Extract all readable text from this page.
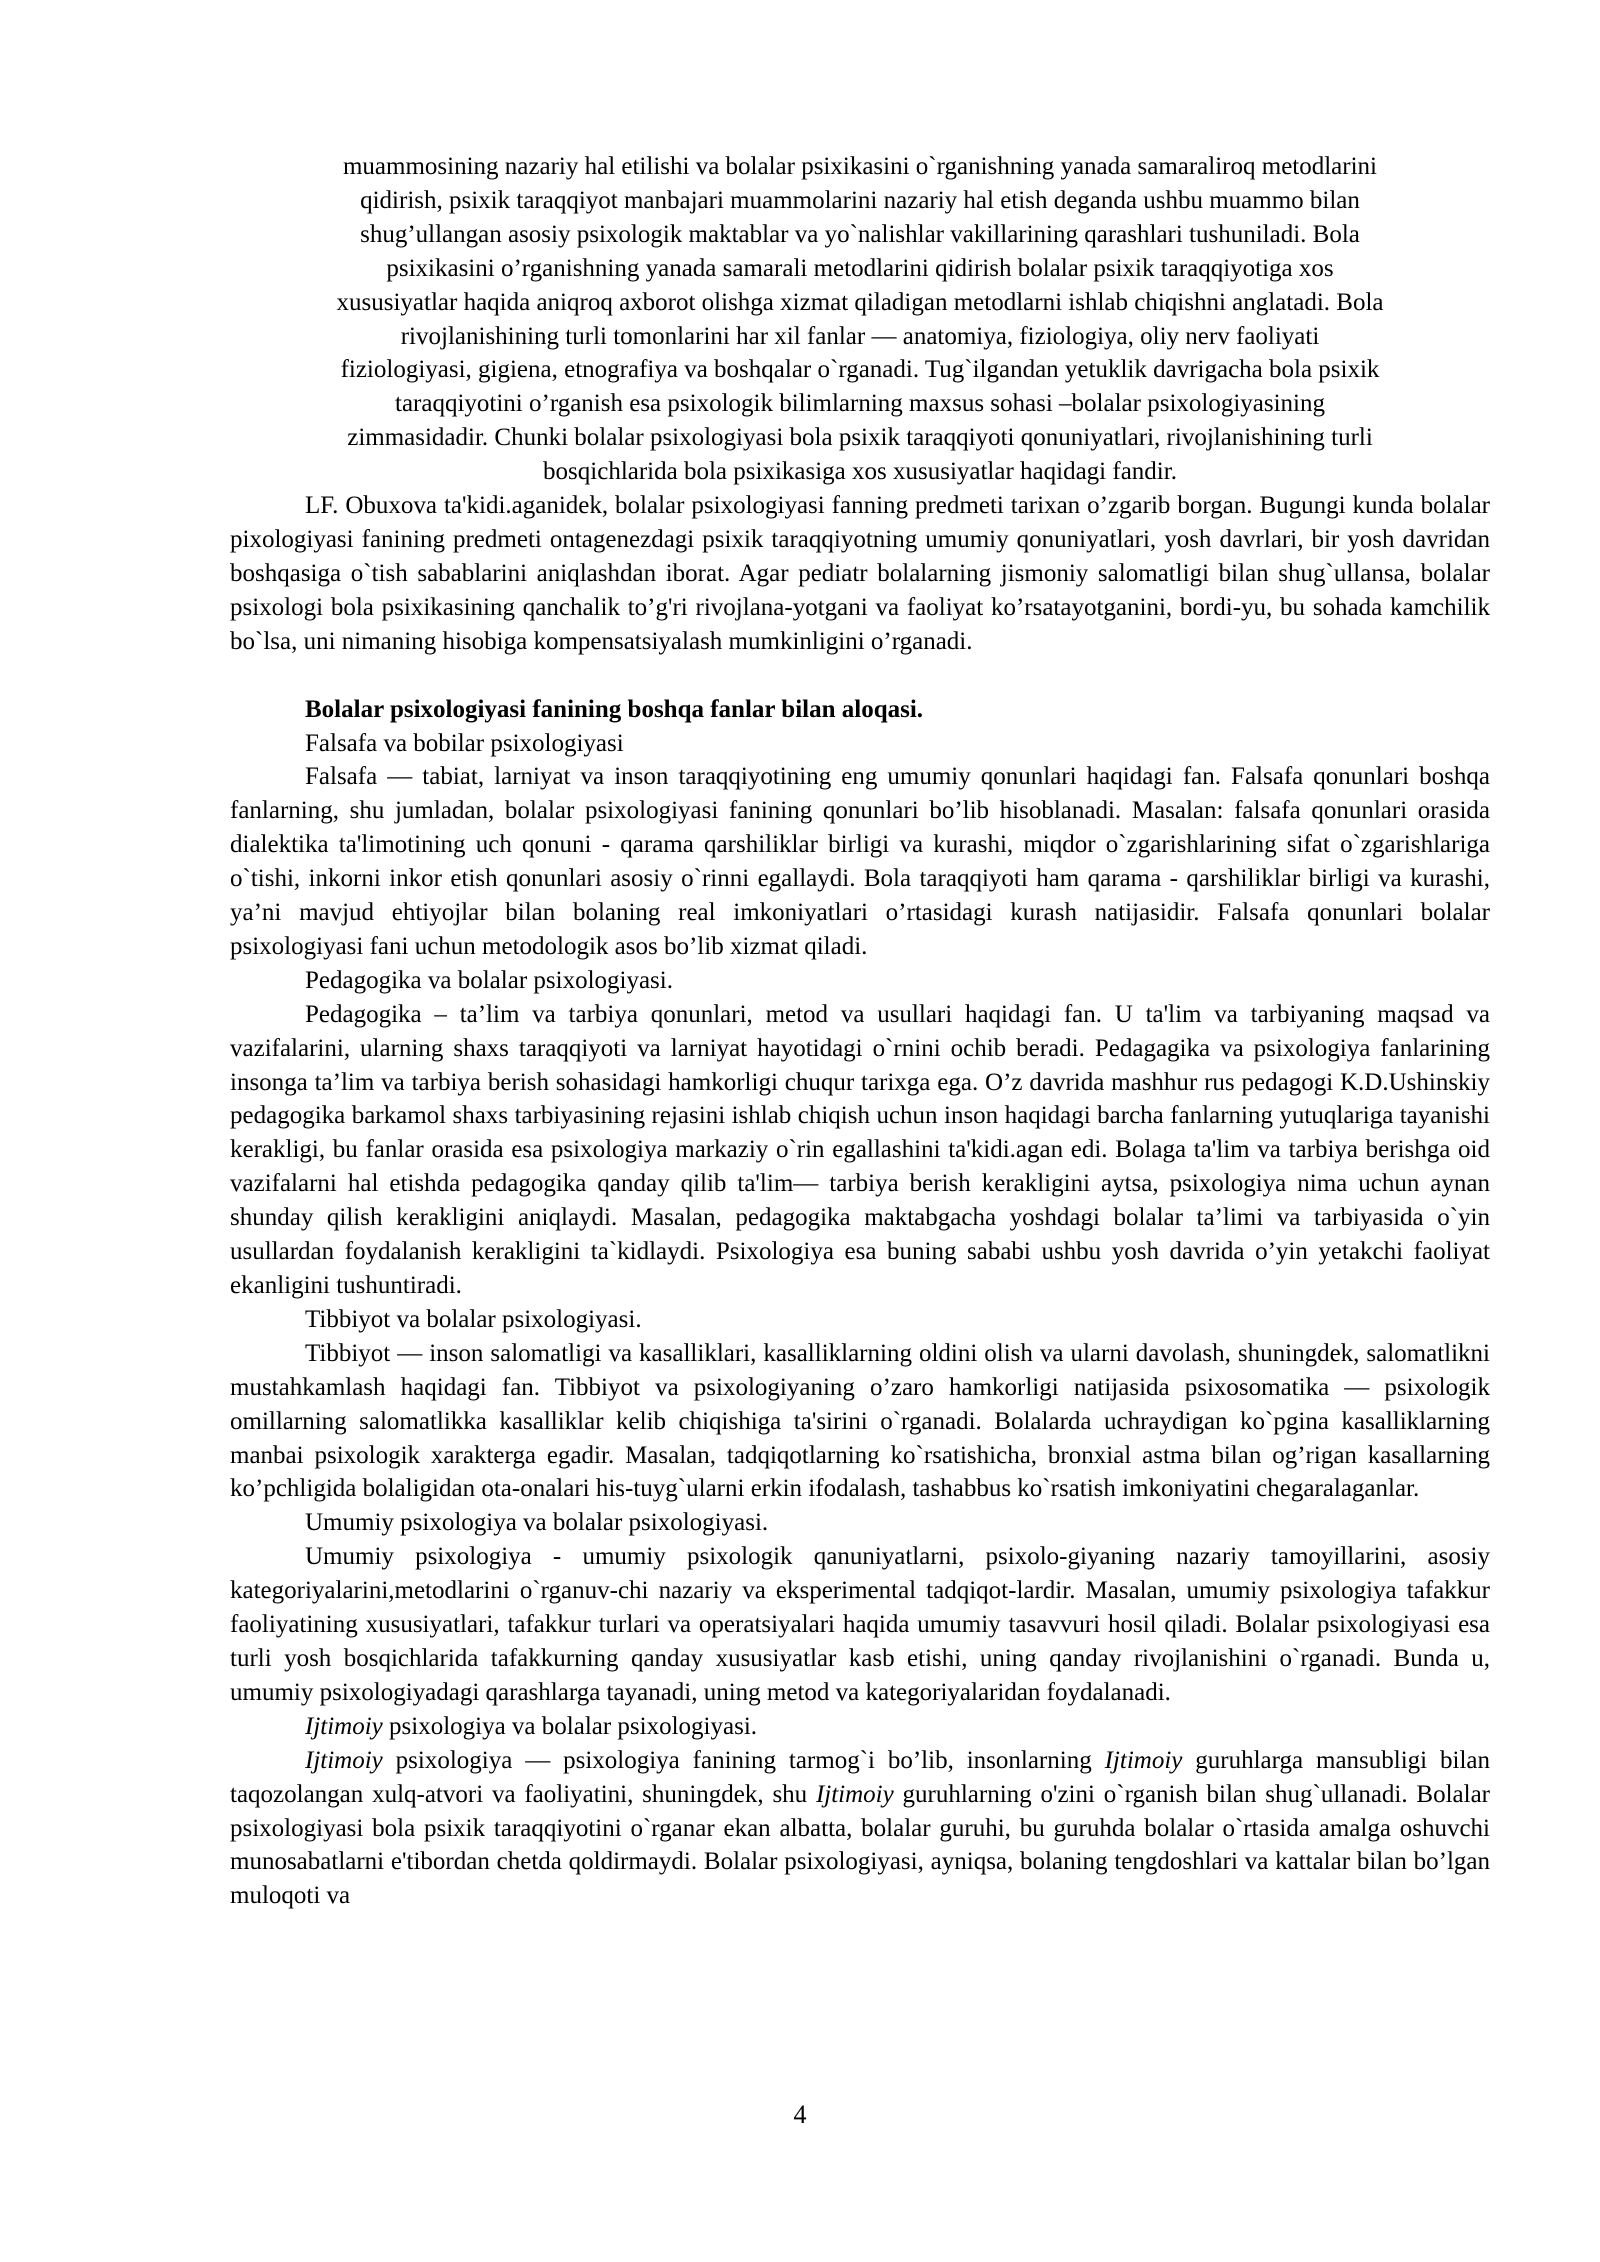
muammosining nazariy hal etilishi va bolalar psixikasini o`rganishning yanada samaraliroq metodlarini

qidirish, psixik taraqqiyot manbajari muammolarini nazariy hal etish deganda ushbu muammo bilan

shug’ullangan asosiy psixologik maktablar va yo`nalishlar vakillarining qarashlari tushuniladi. Bola

psixikasini o’rganishning yanada samarali metodlarini qidirish bolalar psixik taraqqiyotiga xos

xususiyatlar haqida aniqroq axborot olishga xizmat qiladigan metodlarni ishlab chiqishni anglatadi. Bola

rivojlanishining turli tomonlarini har xil fanlar — anatomiya, fiziologiya, oliy nerv faoliyati

fiziologiyasi, gigiena, etnografiya va boshqalar o`rganadi. Tug`ilgandan yetuklik davrigacha bola psixik

taraqqiyotini o’rganish esa psixologik bilimlarning maxsus sohasi –bolalar psixologiyasining

zimmasidadir. Chunki bolalar psixologiyasi bola psixik taraqqiyoti qonuniyatlari, rivojlanishining turli

bosqichlarida bola psixikasiga xos xususiyatlar haqidagi fandir.

LF. Obuxova ta'kidi.aganidek, bolalar psixologiyasi fanning predmeti tarixan o’zgarib borgan. Bugungi kunda bolalar pixologiyasi fanining predmeti ontagenezdagi psixik taraqqiyotning umumiy qonuniyatlari, yosh davrlari, bir yosh davridan boshqasiga o`tish sabablarini aniqlashdan iborat. Agar pediatr bolalarning jismoniy salomatligi bilan shug`ullansa, bolalar psixologi bola psixikasining qanchalik to’g'ri rivojlana-yotgani va faoliyat ko’rsatayotganini, bordi-yu, bu sohada kamchilik bo`lsa, uni nimaning hisobiga kompensatsiyalash mumkinligini o’rganadi.

Bolalar psixologiyasi fanining boshqa fanlar bilan aloqasi.

Falsafa va bobilar psixologiyasi

Falsafa — tabiat, larniyat va inson taraqqiyotining eng umumiy qonunlari haqidagi fan. Falsafa qonunlari boshqa fanlarning, shu jumladan, bolalar psixologiyasi fanining qonunlari bo’lib hisoblanadi. Masalan: falsafa qonunlari orasida dialektika ta'limotining uch qonuni - qarama qarshiliklar birligi va kurashi, miqdor o`zgarishlarining sifat o`zgarishlariga o`tishi, inkorni inkor etish qonunlari asosiy o`rinni egallaydi. Bola taraqqiyoti ham qarama - qarshiliklar birligi va kurashi, ya’ni mavjud ehtiyojlar bilan bolaning real imkoniyatlari o’rtasidagi kurash natijasidir. Falsafa qonunlari bolalar psixologiyasi fani uchun metodologik asos bo’lib xizmat qiladi.

Pedagogika va bolalar psixologiyasi.

Pedagogika – ta’lim va tarbiya qonunlari, metod va usullari haqidagi fan. U ta'lim va tarbiyaning maqsad va vazifalarini, ularning shaxs taraqqiyoti va larniyat hayotidagi o`rnini ochib beradi. Pedagagika va psixologiya fanlarining insonga ta’lim va tarbiya berish sohasidagi hamkorligi chuqur tarixga ega. O’z davrida mashhur rus pedagogi K.D.Ushinskiy pedagogika barkamol shaxs tarbiyasining rejasini ishlab chiqish uchun inson haqidagi barcha fanlarning yutuqlariga tayanishi kerakligi, bu fanlar orasida esa psixologiya markaziy o`rin egallashini ta'kidi.agan edi. Bolaga ta'lim va tarbiya berishga oid vazifalarni hal etishda pedagogika qanday qilib ta'lim— tarbiya berish kerakligini aytsa, psixologiya nima uchun aynan shunday qilish kerakligini aniqlaydi. Masalan, pedagogika maktabgacha yoshdagi bolalar ta’limi va tarbiyasida o`yin usullardan foydalanish kerakligini ta`kidlaydi. Psixologiya esa buning sababi ushbu yosh davrida o’yin yetakchi faoliyat ekanligini tushuntiradi.

Tibbiyot va bolalar psixologiyasi.

Tibbiyot — inson salomatligi va kasalliklari, kasalliklarning oldini olish va ularni davolash, shuningdek, salomatlikni mustahkamlash haqidagi fan. Tibbiyot va psixologiyaning o’zaro hamkorligi natijasida psixosomatika — psixologik omillarning salomatlikka kasalliklar kelib chiqishiga ta'sirini o`rganadi. Bolalarda uchraydigan ko`pgina kasalliklarning manbai psixologik xarakterga egadir. Masalan, tadqiqotlarning ko`rsatishicha, bronxial astma bilan og’rigan kasallarning ko’pchligida bolaligidan ota-onalari his-tuyg`ularni erkin ifodalash, tashabbus ko`rsatish imkoniyatini chegaralaganlar.

Umumiy psixologiya va bolalar psixologiyasi.

Umumiy psixologiya - umumiy psixologik qanuniyatlarni, psixolo-giyaning nazariy tamoyillarini, asosiy kategoriyalarini,metodlarini o`rganuv-chi nazariy va eksperimental tadqiqot-lardir. Masalan, umumiy psixologiya tafakkur faoliyatining xususiyatlari, tafakkur turlari va operatsiyalari haqida umumiy tasavvuri hosil qiladi. Bolalar psixologiyasi esa turli yosh bosqichlarida tafakkurning qanday xususiyatlar kasb etishi, uning qanday rivojlanishini o`rganadi. Bunda u, umumiy psixologiyadagi qarashlarga tayanadi, uning metod va kategoriyalaridan foydalanadi.

Ijtimoiy psixologiya va bolalar psixologiyasi.

Ijtimoiy psixologiya — psixologiya fanining tarmog`i bo’lib, insonlarning Ijtimoiy guruhlarga mansubligi bilan taqozolangan xulq-atvori va faoliyatini, shuningdek, shu Ijtimoiy guruhlarning o'zini o`rganish bilan shug`ullanadi. Bolalar psixologiyasi bola psixik taraqqiyotini o`rganar ekan albatta, bolalar guruhi, bu guruhda bolalar o`rtasida amalga oshuvchi munosabatlarni e'tibordan chetda qoldirmaydi. Bolalar psixologiyasi, ayniqsa, bolaning tengdoshlari va kattalar bilan bo’lgan muloqoti va

4
